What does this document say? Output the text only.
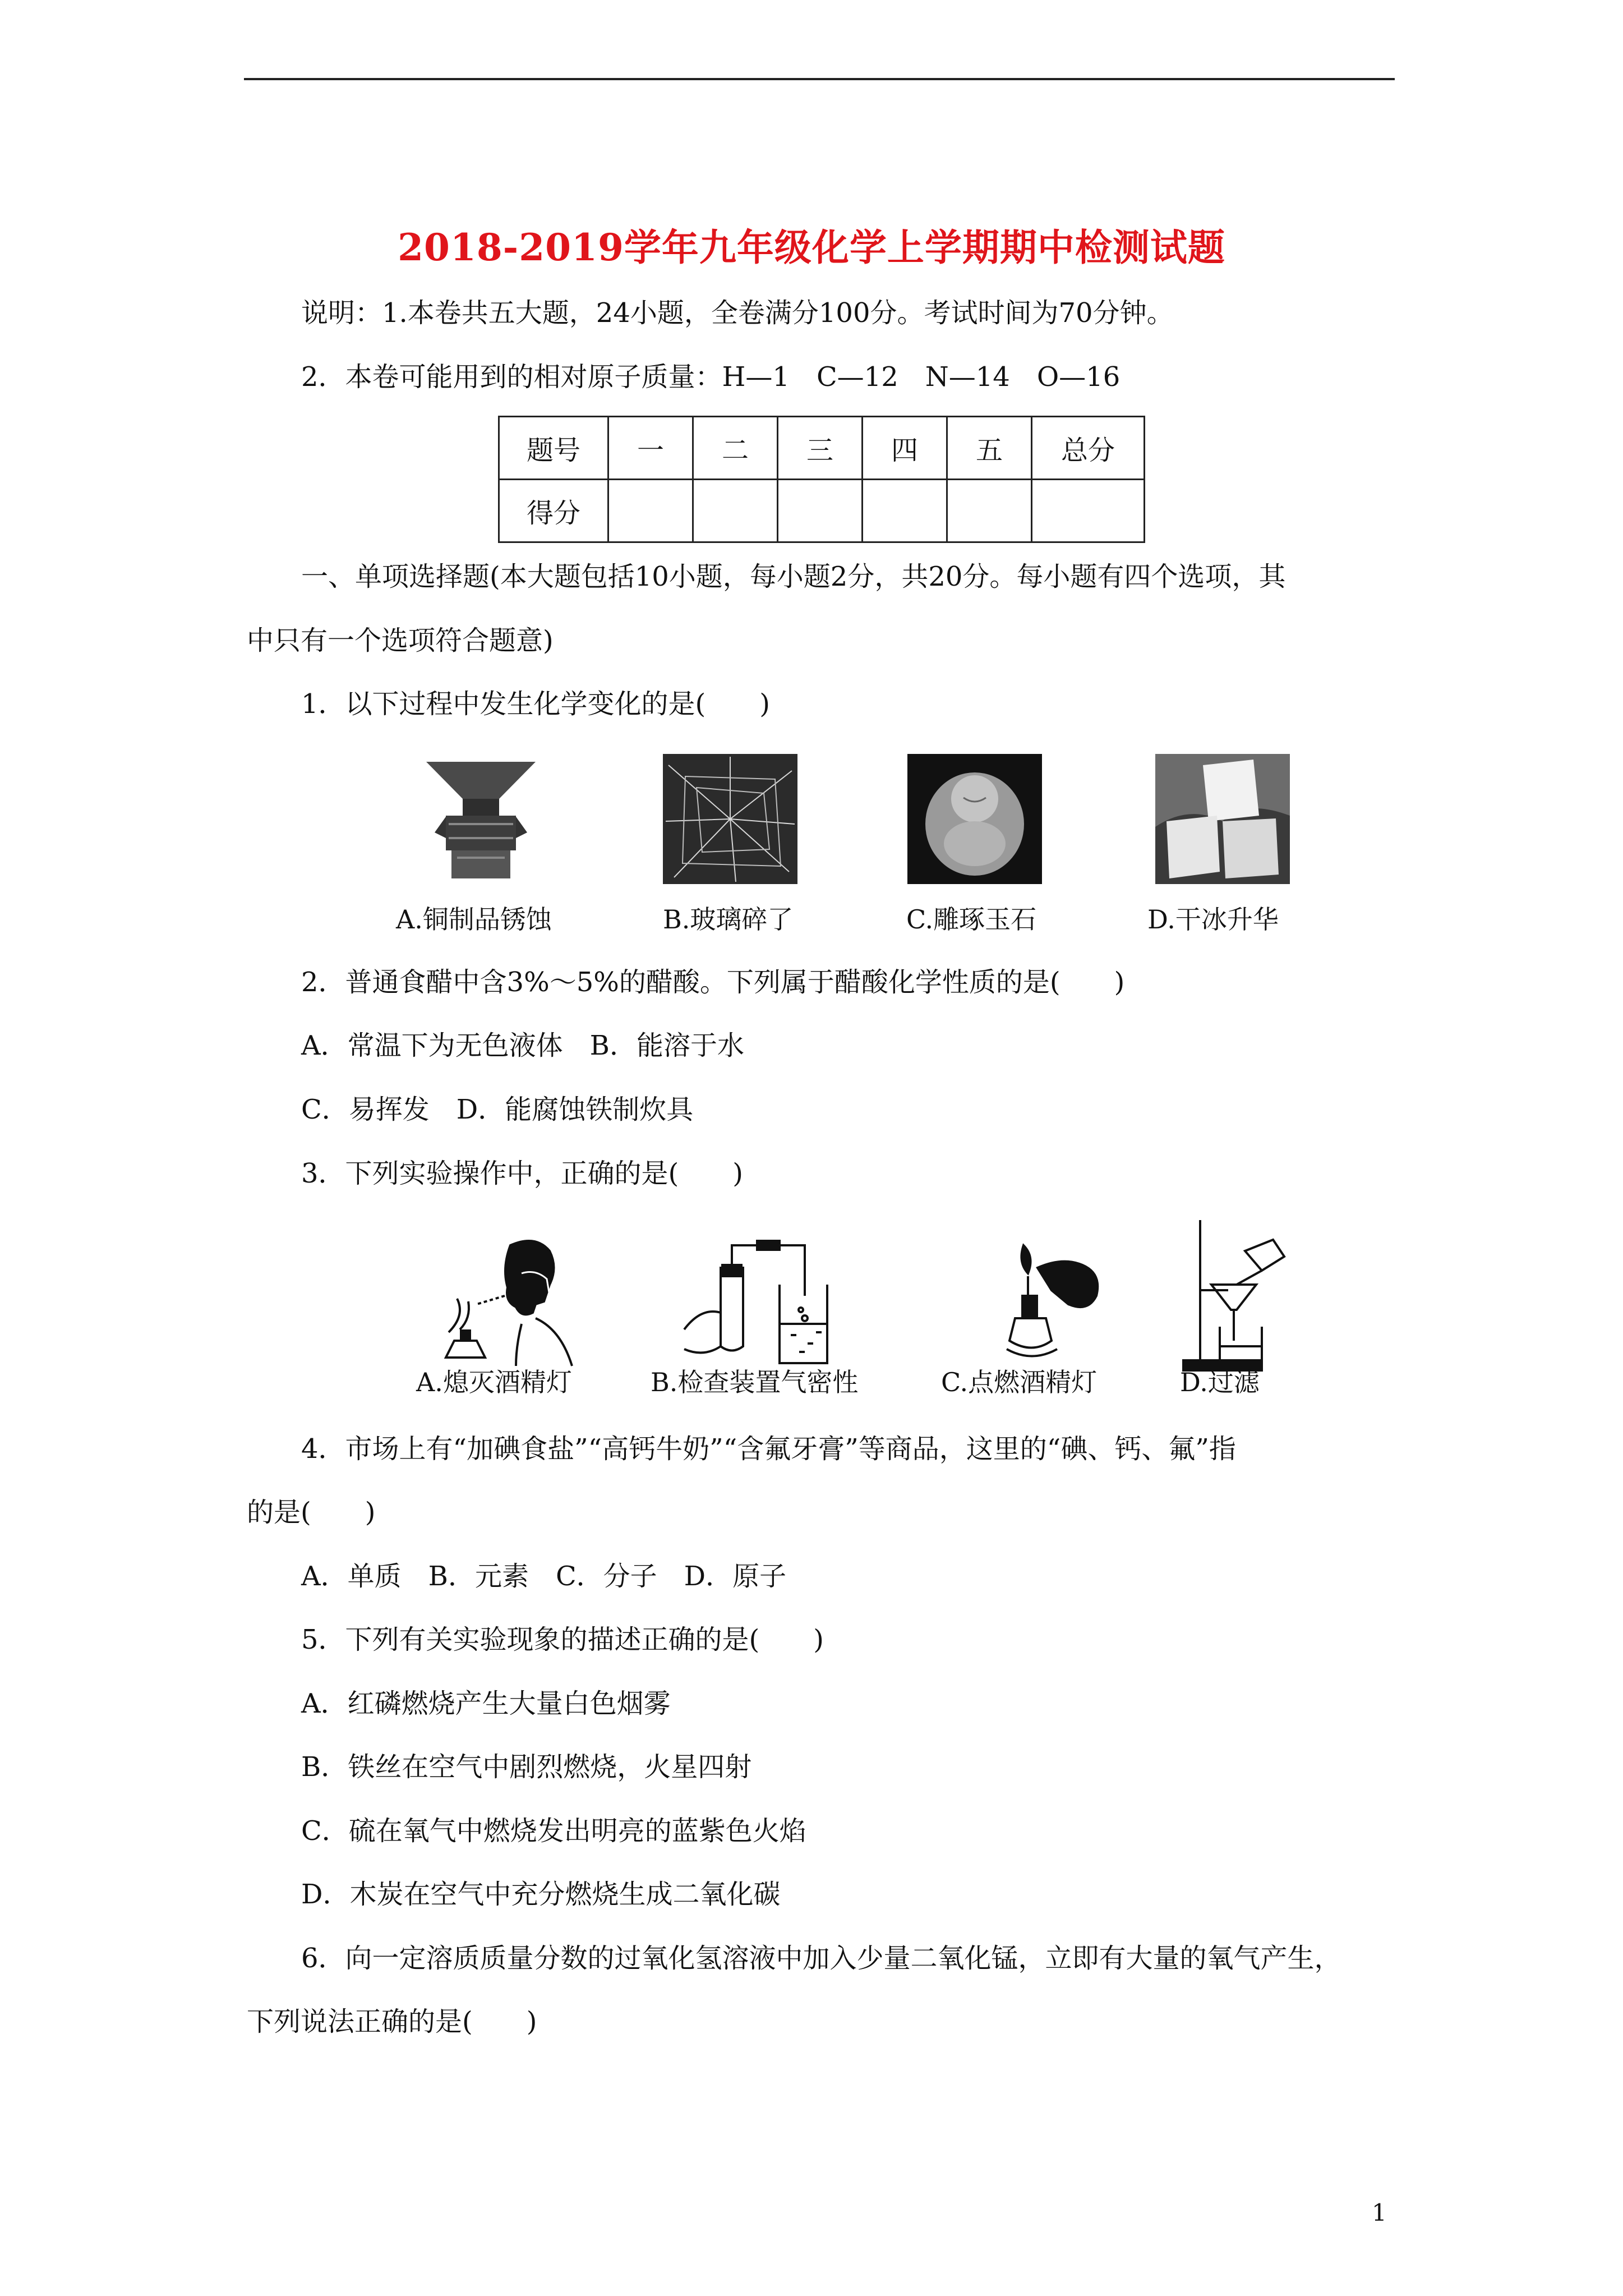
2018-2019学年九年级化学上学期期中检测试题
说明：1.本卷共五大题，24小题，全卷满分100分。考试时间为70分钟。
2．本卷可能用到的相对原子质量：H—1　C—12　N—14　O—16
题号	一	二	三	四	五	总分
得分						
一、单项选择题(本大题包括10小题，每小题2分，共20分。每小题有四个选项，其
中只有一个选项符合题意)
1．以下过程中发生化学变化的是(　　)
A.铜制品锈蚀	B.玻璃碎了	C.雕琢玉石	D.干冰升华
2．普通食醋中含3%～5%的醋酸。下列属于醋酸化学性质的是(　　)
A．常温下为无色液体　B．能溶于水
C．易挥发　D．能腐蚀铁制炊具
3．下列实验操作中，正确的是(　　)
A.熄灭酒精灯	B.检查装置气密性	C.点燃酒精灯	D.过滤
4．市场上有“加碘食盐”“高钙牛奶”“含氟牙膏”等商品，这里的“碘、钙、氟”指
的是(　　)
A．单质　B．元素　C．分子　D．原子
5．下列有关实验现象的描述正确的是(　　)
A．红磷燃烧产生大量白色烟雾
B．铁丝在空气中剧烈燃烧，火星四射
C．硫在氧气中燃烧发出明亮的蓝紫色火焰
D．木炭在空气中充分燃烧生成二氧化碳
6．向一定溶质质量分数的过氧化氢溶液中加入少量二氧化锰，立即有大量的氧气产生，
下列说法正确的是(　　)
1
